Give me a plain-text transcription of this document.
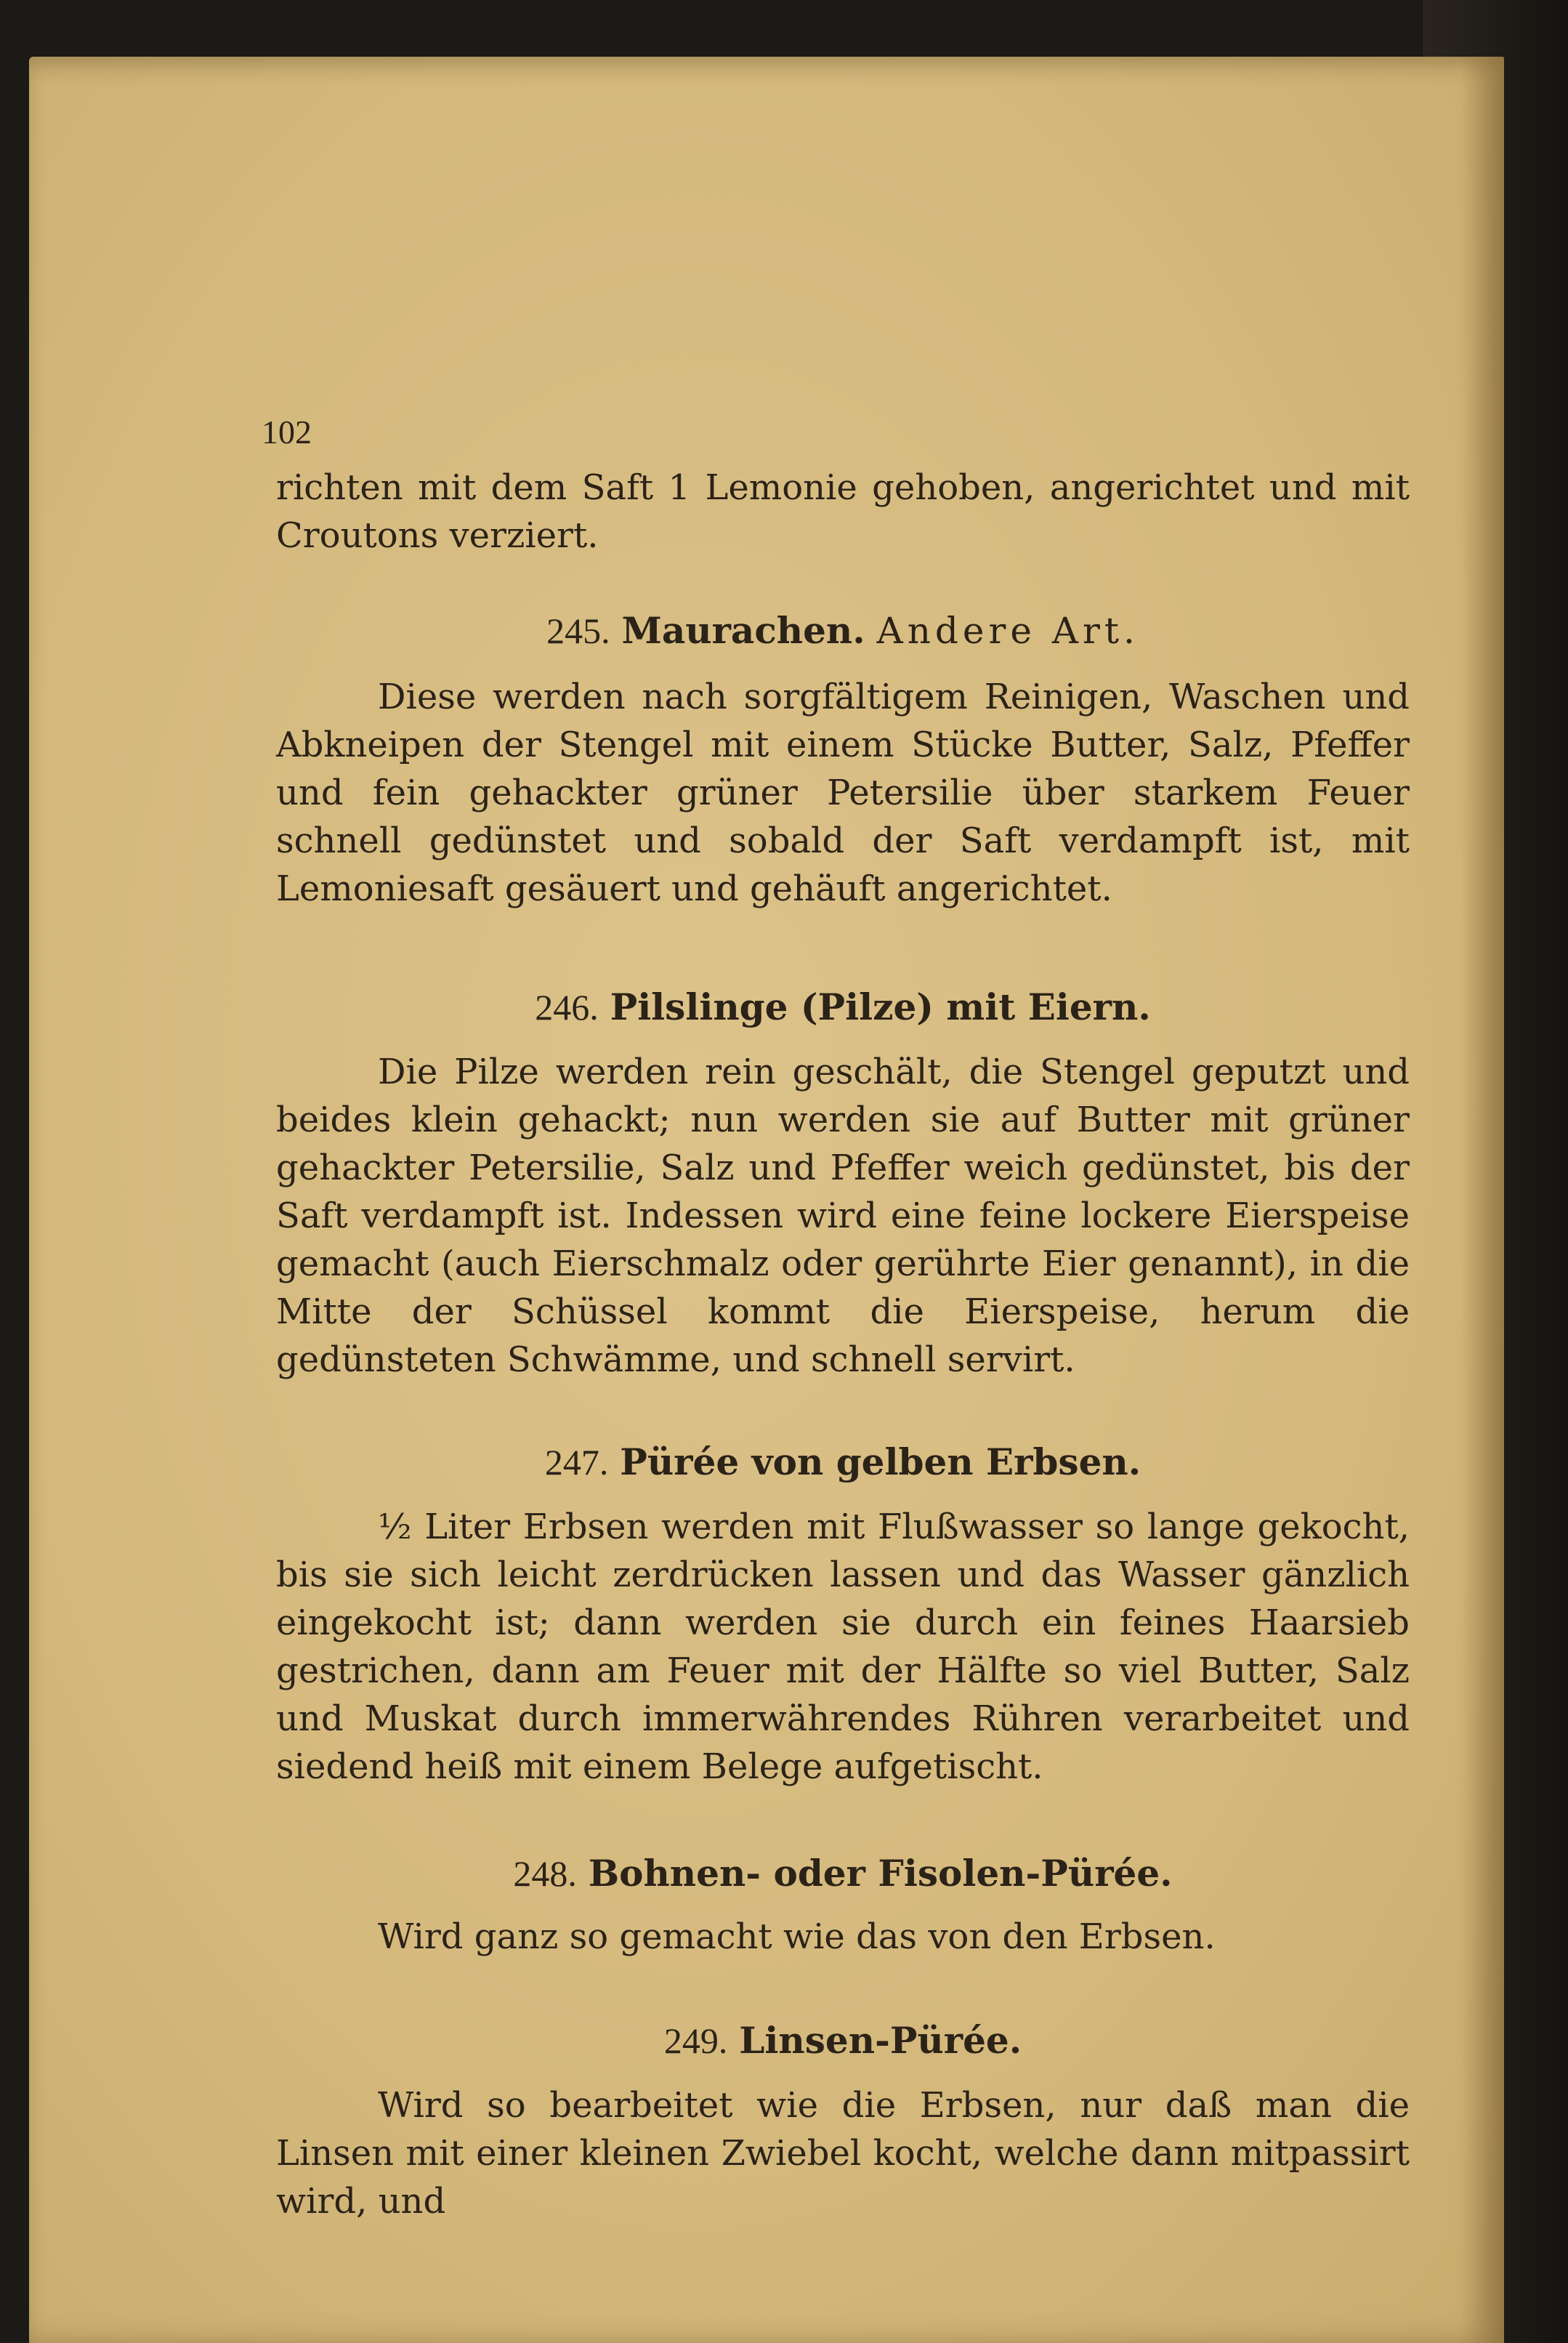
102

richten mit dem Saft 1 Lemonie gehoben, angerichtet und mit Croutons verziert.

245. Maurachen. Andere Art.

Diese werden nach sorgfältigem Reinigen, Waschen und Abkneipen der Stengel mit einem Stücke Butter, Salz, Pfeffer und fein gehackter grüner Petersilie über starkem Feuer schnell gedünstet und sobald der Saft verdampft ist, mit Lemoniesaft gesäuert und gehäuft angerichtet.

246. Pilslinge (Pilze) mit Eiern.

Die Pilze werden rein geschält, die Stengel geputzt und beides klein gehackt; nun werden sie auf Butter mit grüner gehackter Petersilie, Salz und Pfeffer weich gedünstet, bis der Saft verdampft ist. Indessen wird eine feine lockere Eierspeise gemacht (auch Eierschmalz oder gerührte Eier genannt), in die Mitte der Schüssel kommt die Eierspeise, herum die gedünsteten Schwämme, und schnell servirt.

247. Pürée von gelben Erbsen.

½ Liter Erbsen werden mit Flußwasser so lange gekocht, bis sie sich leicht zerdrücken lassen und das Wasser gänzlich eingekocht ist; dann werden sie durch ein feines Haarsieb gestrichen, dann am Feuer mit der Hälfte so viel Butter, Salz und Muskat durch immerwährendes Rühren verarbeitet und siedend heiß mit einem Belege aufgetischt.

248. Bohnen- oder Fisolen-Pürée.

Wird ganz so gemacht wie das von den Erbsen.

249. Linsen-Pürée.

Wird so bearbeitet wie die Erbsen, nur daß man die Linsen mit einer kleinen Zwiebel kocht, welche dann mitpassirt wird, und
